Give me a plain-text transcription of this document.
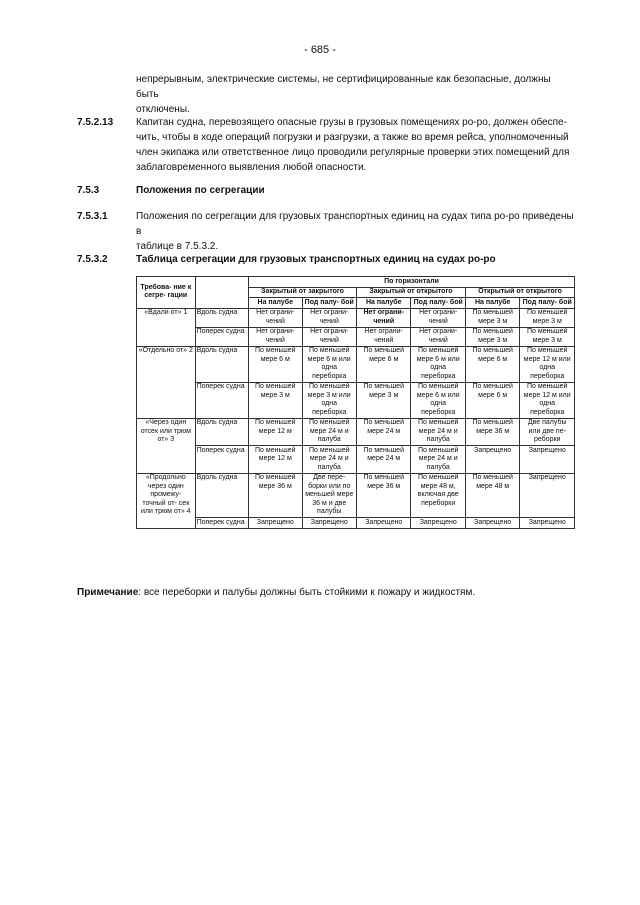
- 685 -
непрерывным, электрические системы, не сертифицированные как безопасные, должны быть
отключены.
7.5.2.13 Капитан судна, перевозящего опасные грузы в грузовых помещениях ро-ро, должен обеспе-
чить, чтобы в ходе операций погрузки и разгрузки, а также во время рейса, уполномоченный
член экипажа или ответственное лицо проводили регулярные проверки этих помещений для
заблаговременного выявления любой опасности.
7.5.3	Положения по сегрегации
7.5.3.1	Положения по сегрегации для грузовых транспортных единиц на судах типа ро-ро приведены в
таблице в 7.5.3.2.
7.5.3.2	Таблица сегрегации для грузовых транспортных единиц на судах ро-ро
Требова- ние к сегре- гации		По горизонтали					
		Закрытый от закрытого		Закрытый от открытого		Открытый от открытого	
		На палубе	Под палу- бой	На палубе	Под палу- бой	На палубе	Под палу- бой
«Вдали от» 1	Вдоль судна	Нет ограни- чений	Нет ограни- чений	Нет ограни- чений	Нет ограни- чений	По меньшей мере 3 м	По меньшей мере 3 м
	Поперек судна	Нет ограни- чений	Нет ограни- чений	Нет ограни- чений	Нет ограни- чений	По меньшей мере 3 м	По меньшей мере 3 м
«Отдельно от» 2	Вдоль судна	По меньшей мере 6 м	По меньшей мере 6 м или одна переборка	По меньшей мере 6 м	По меньшей мере 6 м или одна переборка	По меньшей мере 6 м	По меньшей мере 12 м или одна переборка
	Поперек судна	По меньшей мере 3 м	По меньшей мере 3 м или одна переборка	По меньшей мере 3 м	По меньшей мере 6 м или одна переборка	По меньшей мере 6 м	По меньшей мере 12 м или одна переборка
«Через один отсек или трюм от» 3	Вдоль судна	По меньшей мере 12 м	По меньшей мере 24 м и палуба	По меньшей мере 24 м	По меньшей мере 24 м и палуба	По меньшей мере 36 м	Две палубы или две пе- реборки
	Поперек судна	По меньшей мере 12 м	По меньшей мере 24 м и палуба	По меньшей мере 24 м	По меньшей мере 24 м и палуба	Запрещено	Запрещено
«Продольно через один промежу- точный от- сек или трюм от» 4	Вдоль судна	По меньшей мере 36 м	Две пере- борки или по меньшей мере 36 м и две палубы	По меньшей мере 36 м	По меньшей мере 48 м, включая две переборки	По меньшей мере 48 м	Запрещено
	Поперек судна	Запрещено	Запрещено	Запрещено	Запрещено	Запрещено	Запрещено
Примечание: все переборки и палубы должны быть стойкими к пожару и жидкостям.
